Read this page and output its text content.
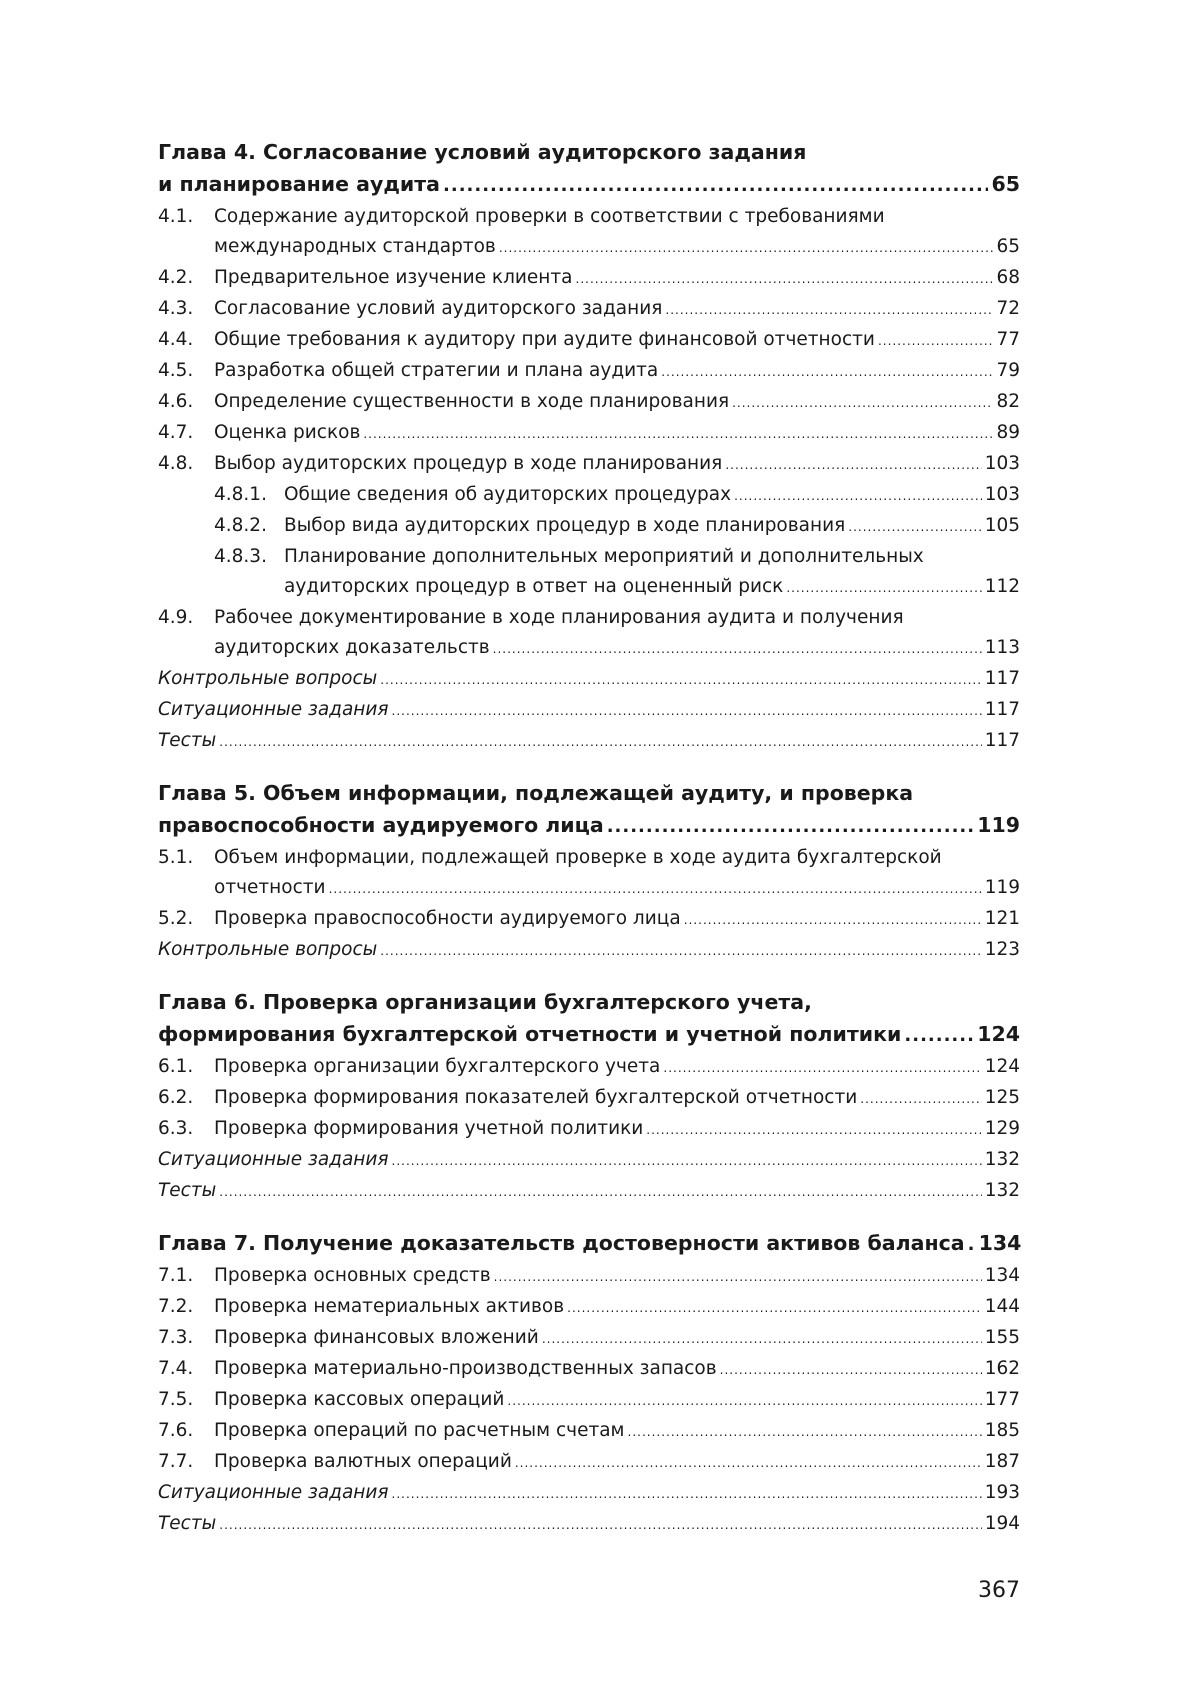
Глава 4. Согласование условий аудиторского задания
и планирование аудита .....	65
4.1.	Содержание аудиторской проверки в соответствии с требованиями
международных стандартов .....	65
4.2.	Предварительное изучение клиента .....	68
4.3.	Согласование условий аудиторского задания .....	72
4.4.	Общие требования к аудитору при аудите финансовой отчетности .....	77
4.5.	Разработка общей стратегии и плана аудита .....	79
4.6.	Определение существенности в ходе планирования .....	82
4.7.	Оценка рисков .....	89
4.8.	Выбор аудиторских процедур в ходе планирования .....	103
4.8.1. Общие сведения об аудиторских процедурах .....	103
4.8.2. Выбор вида аудиторских процедур в ходе планирования .....	105
4.8.3. Планирование дополнительных мероприятий и дополнительных
аудиторских процедур в ответ на оцененный риск .....	112
4.9.	Рабочее документирование в ходе планирования аудита и получения
аудиторских доказательств .....	113
Контрольные вопросы .....	117
Ситуационные задания .....	117
Тесты .....	117
Глава 5. Объем информации, подлежащей аудиту, и проверка
правоспособности аудируемого лица .....	119
5.1.	Объем информации, подлежащей проверке в ходе аудита бухгалтерской
отчетности .....	119
5.2.	Проверка правоспособности аудируемого лица .....	121
Контрольные вопросы .....	123
Глава 6. Проверка организации бухгалтерского учета,
формирования бухгалтерской отчетности и учетной политики .....	124
6.1.	Проверка организации бухгалтерского учета .....	124
6.2.	Проверка формирования показателей бухгалтерской отчетности .....	125
6.3.	Проверка формирования учетной политики .....	129
Ситуационные задания .....	132
Тесты .....	132
Глава 7. Получение доказательств достоверности активов баланса ..... 134
7.1.	Проверка основных средств .....	134
7.2.	Проверка нематериальных активов .....	144
7.3.	Проверка финансовых вложений .....	155
7.4.	Проверка материально-производственных запасов .....	162
7.5.	Проверка кассовых операций .....	177
7.6.	Проверка операций по расчетным счетам .....	185
7.7.	Проверка валютных операций .....	187
Ситуационные задания .....	193
Тесты .....	194
367
